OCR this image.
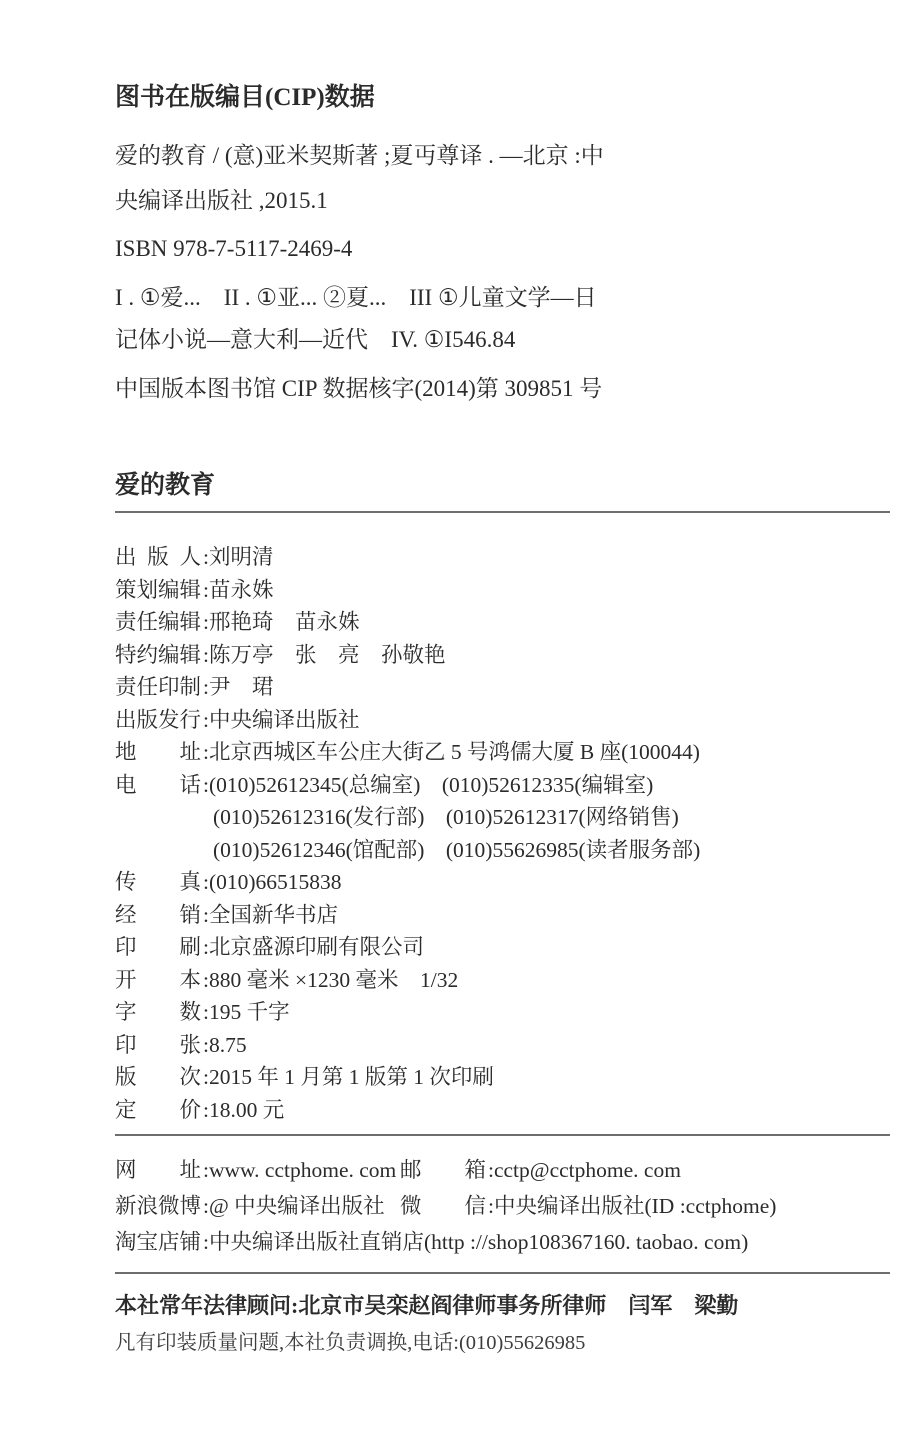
图书在版编目(CIP)数据

爱的教育 / (意)亚米契斯著 ;夏丏尊译 . —北京 :中
央编译出版社 ,2015.1

ISBN 978-7-5117-2469-4

I . ①爱...　II . ①亚... ②夏...　III ①儿童文学—日
记体小说—意大利—近代　IV. ①I546.84

中国版本图书馆 CIP 数据核字(2014)第 309851 号

爱的教育
出版人:刘明清
策划编辑:苗永姝
责任编辑:邢艳琦　苗永姝
特约编辑:陈万亭　张　亮　孙敬艳
责任印制:尹　珺
出版发行:中央编译出版社
地址:北京西城区车公庄大街乙 5 号鸿儒大厦 B 座(100044)
电话:(010)52612345(总编室)　(010)52612335(编辑室)
(010)52612316(发行部)　(010)52612317(网络销售)
(010)52612346(馆配部)　(010)55626985(读者服务部)
传真:(010)66515838
经销:全国新华书店
印刷:北京盛源印刷有限公司
开本:880 毫米 ×1230 毫米　1/32
字数:195 千字
印张:8.75
版次:2015 年 1 月第 1 版第 1 次印刷
定价:18.00 元
网址:www. cctphome. com 邮箱:cctp@cctphome. com
新浪微博:@ 中央编译出版社 微信:中央编译出版社(ID :cctphome)
淘宝店铺:中央编译出版社直销店(http ://shop108367160. taobao. com)

本社常年法律顾问:北京市吴栾赵阎律师事务所律师　闫军　梁勤

凡有印装质量问题,本社负责调换,电话:(010)55626985
